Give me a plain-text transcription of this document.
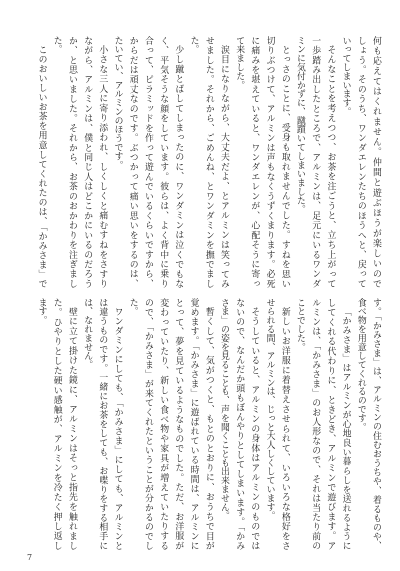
何も応えてはくれません。仲間と遊ぶほうが楽しいので
しょう。そのうち、ワンダエレンたちのほうへと、戻って
いってしまいます。
そんなことを考えつつ、お茶を注ごうと、立ち上がって
一歩踏み出したところで、アルミンは、足元にいるワンダ
ミンに気付かずに、蹴躓いてしまいました。
とっさのことに、受身も取れませんでした。すねを思い
切りぶつけて、アルミンは声もなくうずくまります。必死
に痛みを堪えていると、ワンダエレンが、心配そうに寄っ
て来ました。
涙目になりながら、大丈夫だよ、とアルミンは笑ってみ
せました。それから、ごめんね、とワンダミンを撫でまし
た。
少し蹴とばしてしまったのに、ワンダミンは泣くでもな
く、平気そうな顔をしています。彼らは、よく背中に乗り
合って、ピラミッドを作って遊んでいるくらいですから、
からだは頑丈なのです。ぶつかって痛い思いをするのは、
たいてい、アルミンのほうです。
小さな三人に寄り添われ、しくしくと痛むすねをさすり
ながら、アルミンは、僕と同じ人はどこかにいるのだろう
か、と思いました。それから、お茶のおかわりを注ぎまし
た。
このおいしいお茶を用意してくれたのは、「かみさま」で
す。「かみさま」は、アルミンの住むおうちや、着るものや、
食べ物を用意してくれるのです。
「かみさま」はアルミンが心地良い暮らしを送れるように
してくれる代わりに、ときどき、アルミンで遊びます。ア
ルミンは、「かみさま」のお人形なので、それは当たり前の
ことでした。
新しいお洋服に着替えさせられて、いろいろな格好をさ
せられる間、アルミンは、じっと大人しくしています。
そうしていると、アルミンの身体はアルミンのものでは
ないので、なんだか頭もぼんやりとしてしまいます。「かみ
さま」の姿を見ることも、声を聞くことも出来ません。
暫くして、気がつくと、もとのとおりに、おうちで目が
覚めます。「かみさま」に遊ばれている時間は、アルミンに
とって、夢を見ているようなものでした。ただ、お洋服が
変わっていたり、新しい食べ物や家具が増えていたりする
ので、「かみさま」が来てくれたということが分かるのでし
た。
ワンダミンにしても、「かみさま」にしても、アルミンと
は違うものです。一緒にお茶をしても、お喋りをする相手に
は、なれません。
壁に立て掛けた鏡に、アルミンはそっと指先を触れまし
た。ひやりとした硬い感触が、アルミンを冷たく押し返し
ます。
7
